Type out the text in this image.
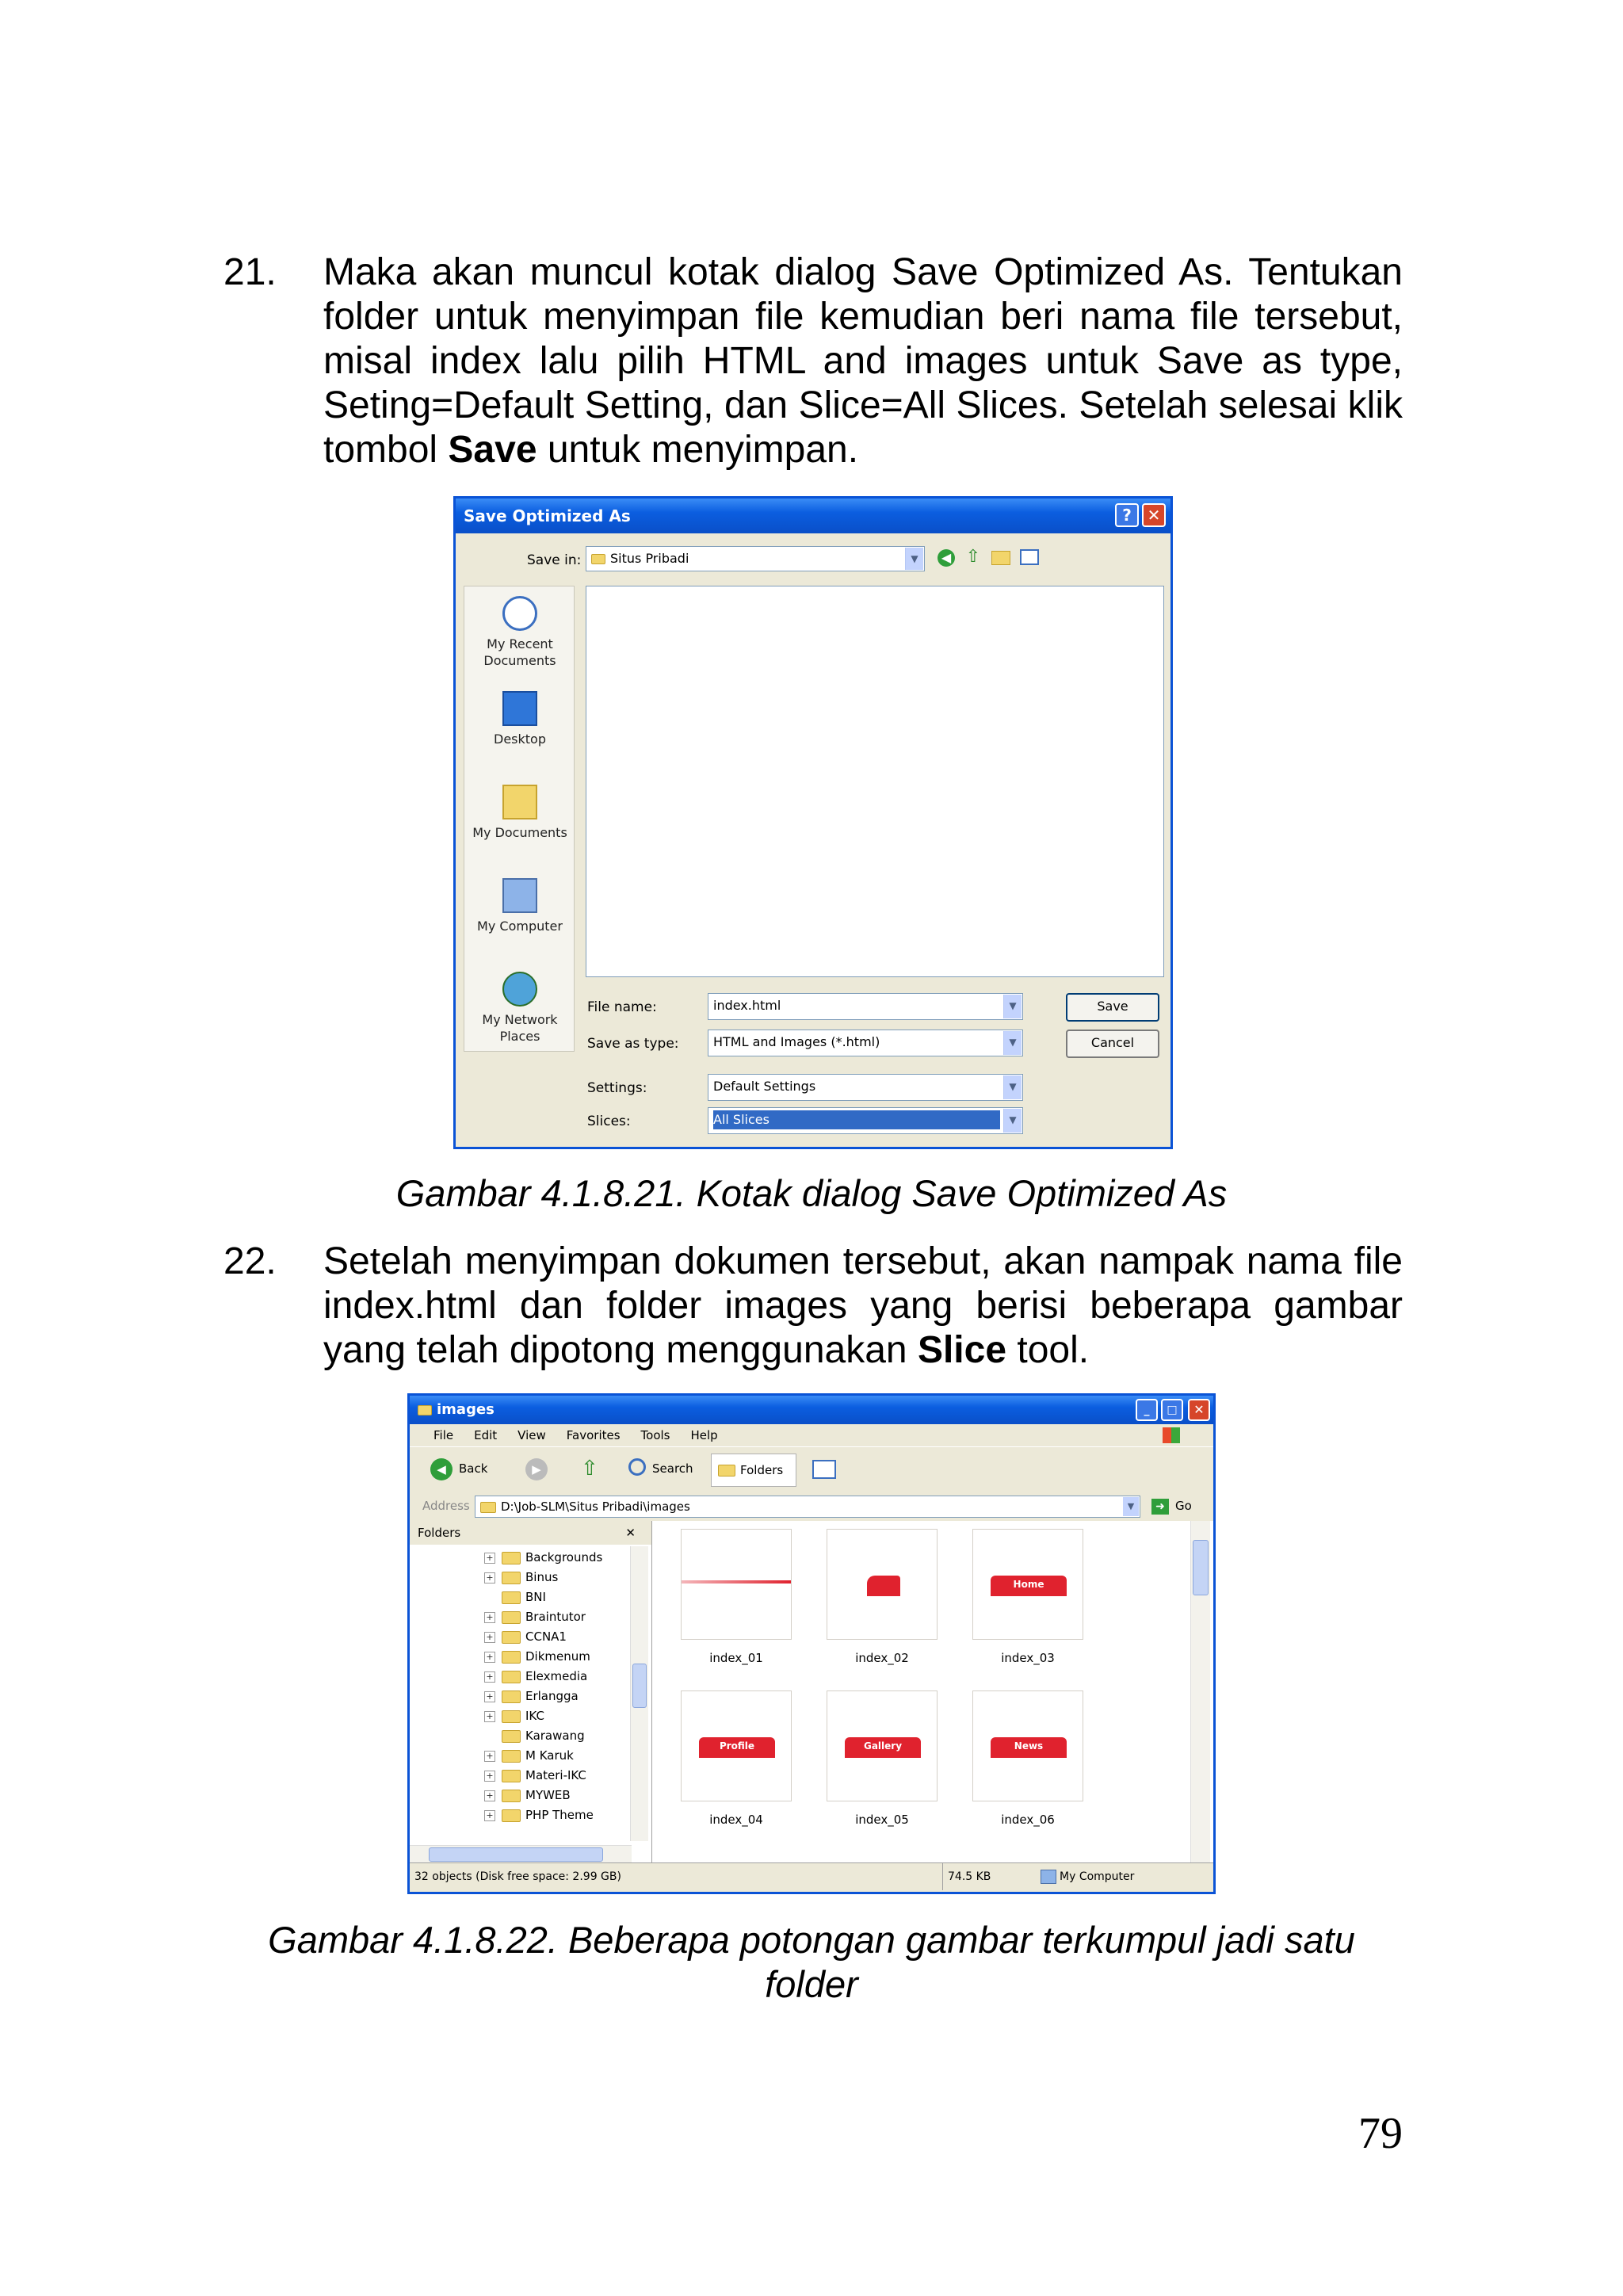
21. Maka akan muncul kotak dialog Save Optimized As. Tentukan folder untuk menyimpan file kemudian beri nama file tersebut, misal index lalu pilih HTML and images untuk Save as type, Seting=Default Setting, dan Slice=All Slices. Setelah selesai klik tombol Save untuk menyimpan.
Save Optimized As	? ✕
Save in:	Situs Pribadi	▼	◀ ⇧
My Recent
Documents
Desktop
My Documents
My Computer
My Network
Places
File name:	index.html	▼
Save as type:	HTML and Images (*.html)	▼
Save
Cancel
Settings:	Default Settings	▼
Slices:	All Slices	▼
Gambar 4.1.8.21. Kotak dialog Save Optimized As
22. Setelah menyimpan dokumen tersebut, akan nampak nama file index.html dan folder images yang berisi beberapa gambar yang telah dipotong menggunakan Slice tool.
images	_	□	✕
File Edit View Favorites Tools Help
◀	Back	▶	⇧	Search	Folders
Address	D:\Job-SLM\Situs Pribadi\images	▼	➜ Go
Folders	✕
+	Backgrounds
+	Binus
BNI
+	Braintutor
+	CCNA1
+	Dikmenum
+	Elexmedia
+	Erlangga
+	IKC
Karawang
+	M Karuk
+	Materi-IKC
+	MYWEB
+	PHP Theme
index_01	index_02
Home
index_03
Profile
index_04
Gallery
index_05
News
index_06
32 objects (Disk free space: 2.99 GB)	74.5 KB	My Computer
Gambar 4.1.8.22. Beberapa potongan gambar terkumpul jadi satu
folder
79
